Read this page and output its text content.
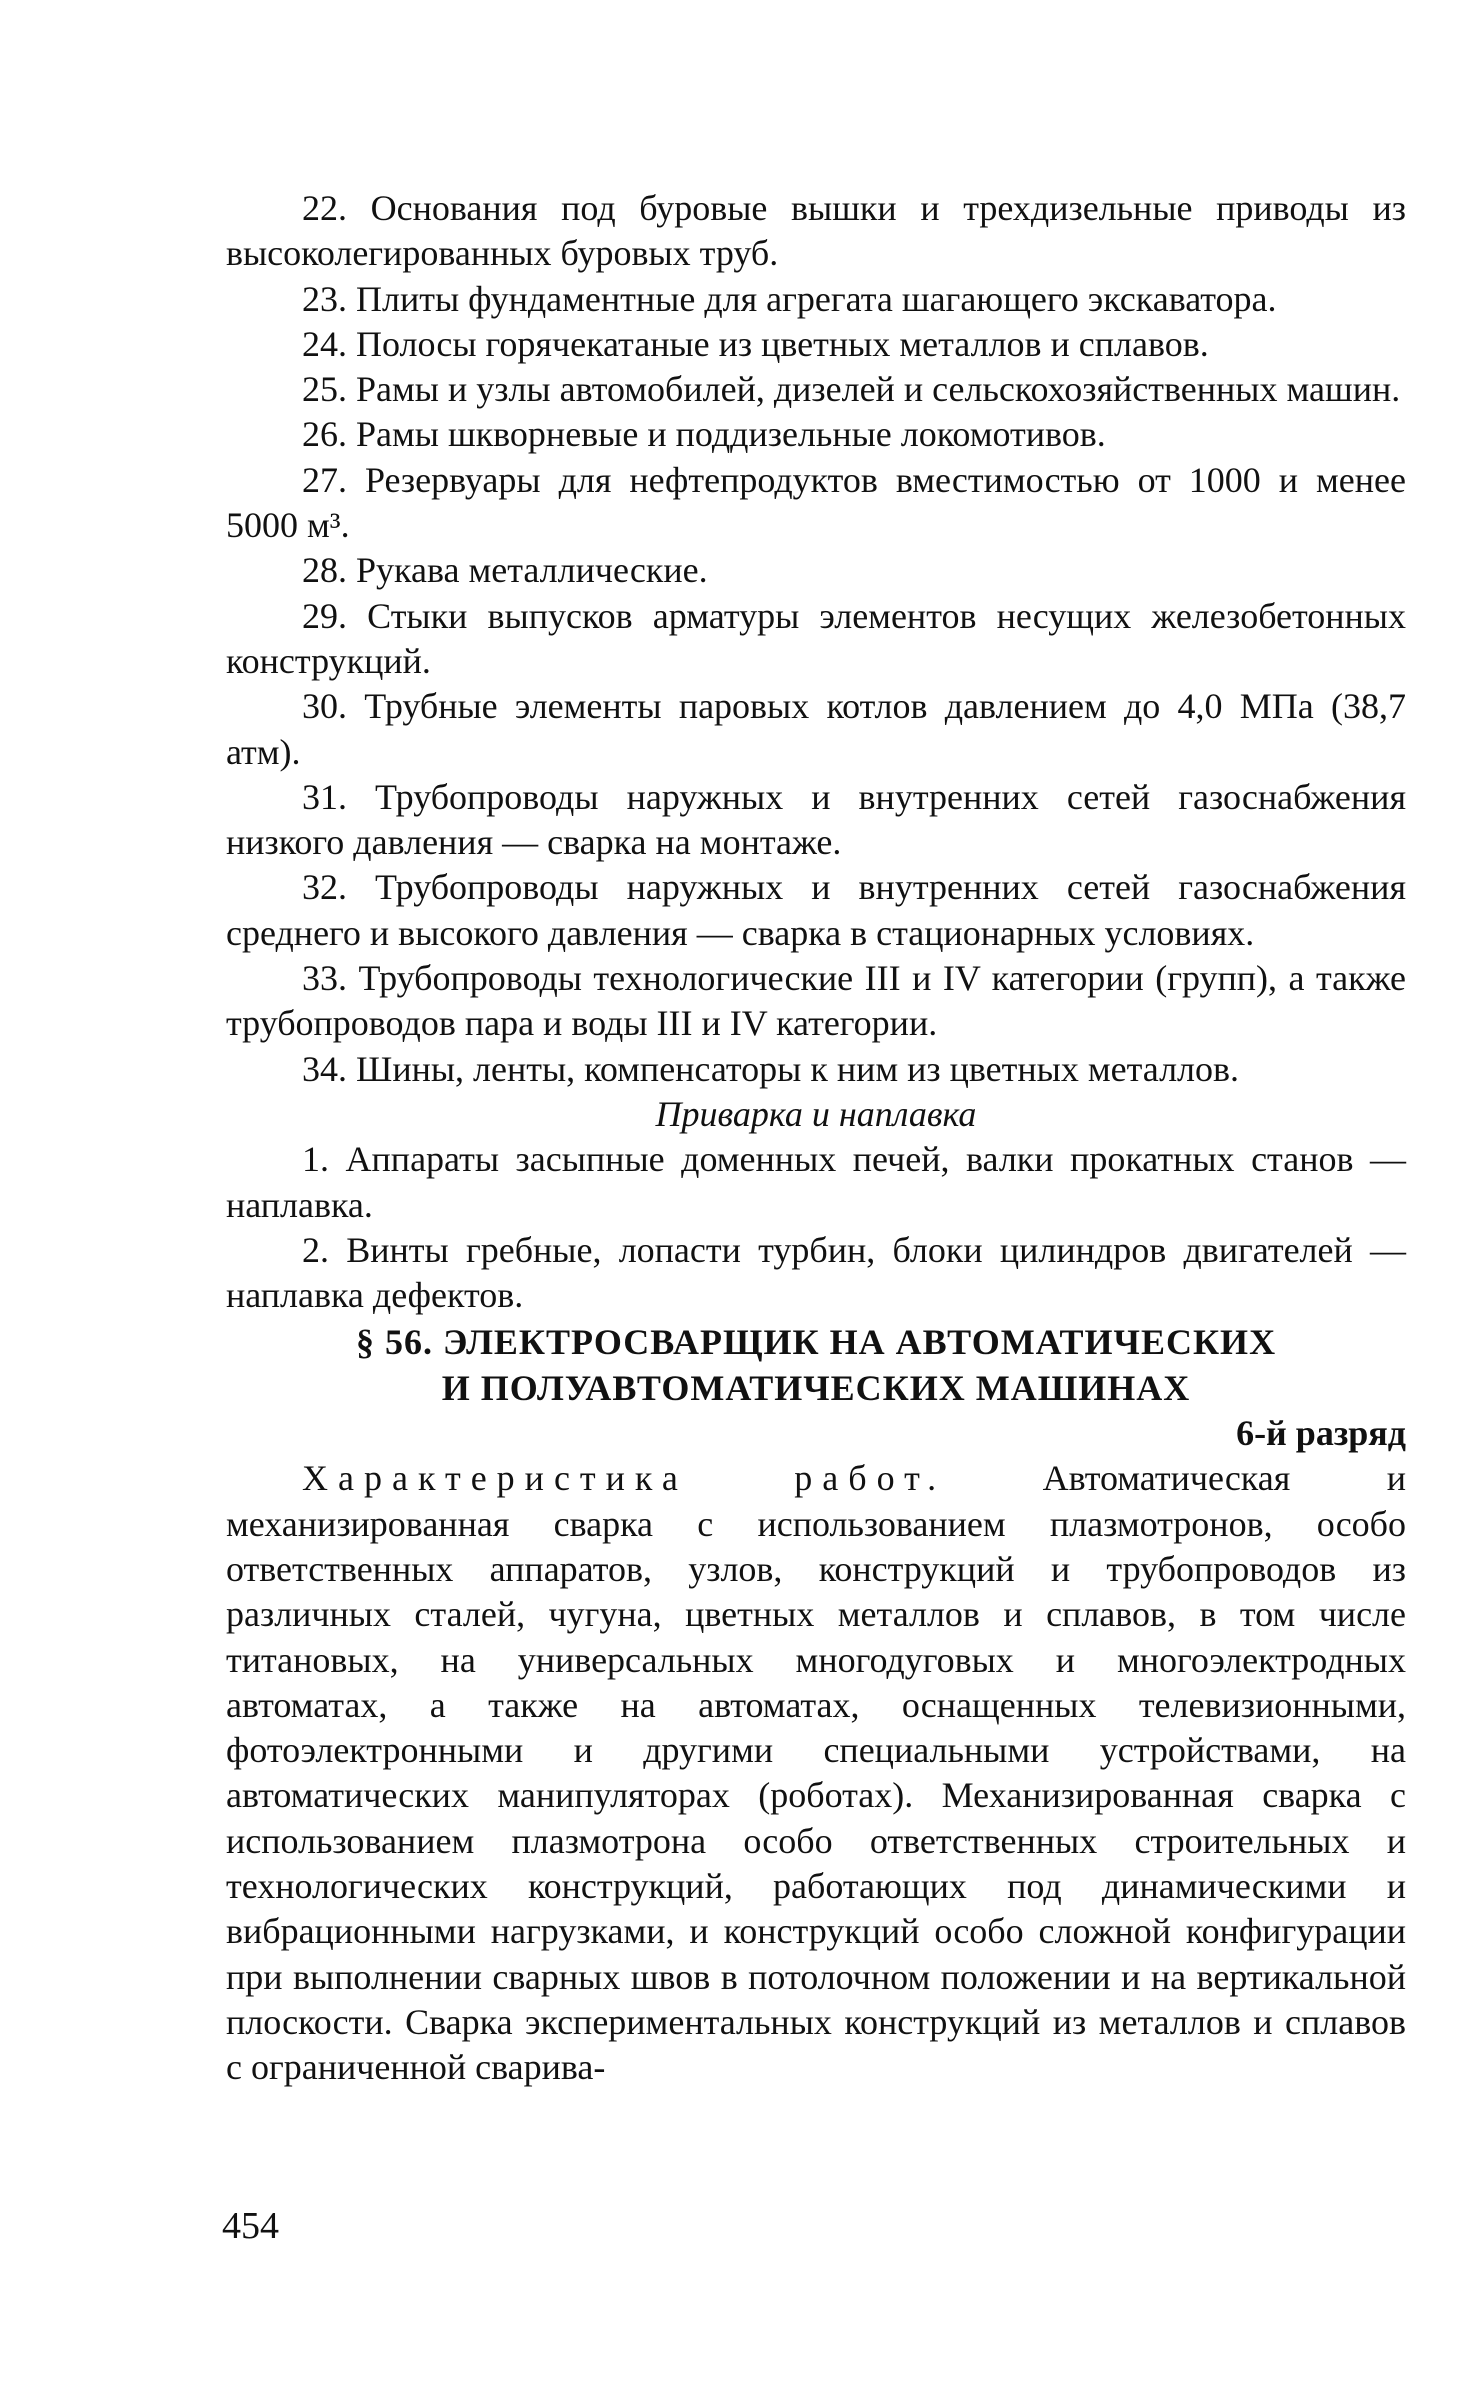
22. Основания под буровые вышки и трехдизельные приводы из высоколегированных буровых труб.

23. Плиты фундаментные для агрегата шагающего экскаватора.

24. Полосы горячекатаные из цветных металлов и сплавов.

25. Рамы и узлы автомобилей, дизелей и сельскохозяйственных машин.

26. Рамы шкворневые и поддизельные локомотивов.

27. Резервуары для нефтепродуктов вместимостью от 1000 и менее 5000 м³.

28. Рукава металлические.

29. Стыки выпусков арматуры элементов несущих железобетонных конструкций.

30. Трубные элементы паровых котлов давлением до 4,0 МПа (38,7 атм).

31. Трубопроводы наружных и внутренних сетей газоснабжения низкого давления — сварка на монтаже.

32. Трубопроводы наружных и внутренних сетей газоснабжения среднего и высокого давления — сварка в стационарных условиях.

33. Трубопроводы технологические III и IV категории (групп), а также трубопроводов пара и воды III и IV категории.

34. Шины, ленты, компенсаторы к ним из цветных металлов.

Приварка и наплавка

1. Аппараты засыпные доменных печей, валки прокатных станов — наплавка.

2. Винты гребные, лопасти турбин, блоки цилиндров двигателей — наплавка дефектов.

§ 56. ЭЛЕКТРОСВАРЩИК НА АВТОМАТИЧЕСКИХ
И ПОЛУАВТОМАТИЧЕСКИХ МАШИНАХ

6-й разряд

Характеристика работ.	Автоматическая и механизированная сварка с использованием плазмотронов, особо ответственных аппаратов, узлов, конструкций и трубопроводов из различных сталей, чугуна, цветных металлов и сплавов, в том числе титановых, на универсальных многодуговых и многоэлектродных автоматах, а также на автоматах, оснащенных телевизионными, фотоэлектронными и другими специальными устройствами, на автоматических манипуляторах (роботах). Механизированная сварка с использованием плазмотрона особо ответственных строительных и технологических конструкций, работающих под динамическими и вибрационными нагрузками, и конструкций особо сложной конфигурации при выполнении сварных швов в потолочном положении и на вертикальной плоскости. Сварка экспериментальных конструкций из металлов и сплавов с ограниченной сварива-

454
